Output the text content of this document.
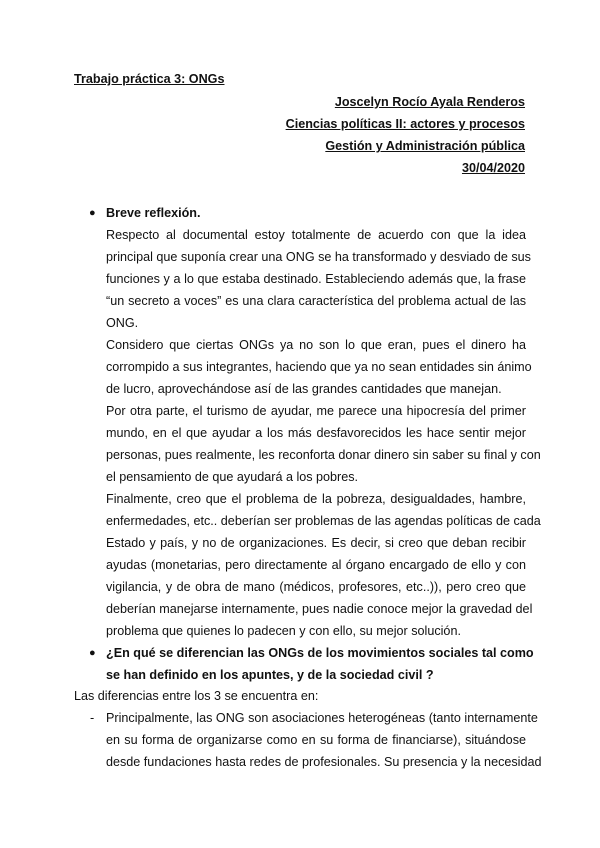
Trabajo práctica 3: ONGs
Joscelyn Rocío Ayala Renderos
Ciencias políticas II: actores y procesos
Gestión y Administración pública
30/04/2020
● Breve reflexión.
Respecto al documental estoy totalmente de acuerdo con que la idea
principal que suponía crear una ONG se ha transformado y desviado de sus
funciones y a lo que estaba destinado. Estableciendo además que, la frase
“un secreto a voces” es una clara característica del problema actual de las
ONG.
Considero que ciertas ONGs ya no son lo que eran, pues el dinero ha
corrompido a sus integrantes, haciendo que ya no sean entidades sin ánimo
de lucro, aprovechándose así de las grandes cantidades que manejan.
Por otra parte, el turismo de ayudar, me parece una hipocresía del primer
mundo, en el que ayudar a los más desfavorecidos les hace sentir mejor
personas, pues realmente, les reconforta donar dinero sin saber su final y con
el pensamiento de que ayudará a los pobres.
Finalmente, creo que el problema de la pobreza, desigualdades, hambre,
enfermedades, etc.. deberían ser problemas de las agendas políticas de cada
Estado y país, y no de organizaciones. Es decir, si creo que deban recibir
ayudas (monetarias, pero directamente al órgano encargado de ello y con
vigilancia, y de obra de mano (médicos, profesores, etc..)), pero creo que
deberían manejarse internamente, pues nadie conoce mejor la gravedad del
problema que quienes lo padecen y con ello, su mejor solución.
● ¿En qué se diferencian las ONGs de los movimientos sociales tal como
se han definido en los apuntes, y de la sociedad civil ?
Las diferencias entre los 3 se encuentra en:
- Principalmente, las ONG son asociaciones heterogéneas (tanto internamente
en su forma de organizarse como en su forma de financiarse), situándose
desde fundaciones hasta redes de profesionales. Su presencia y la necesidad
